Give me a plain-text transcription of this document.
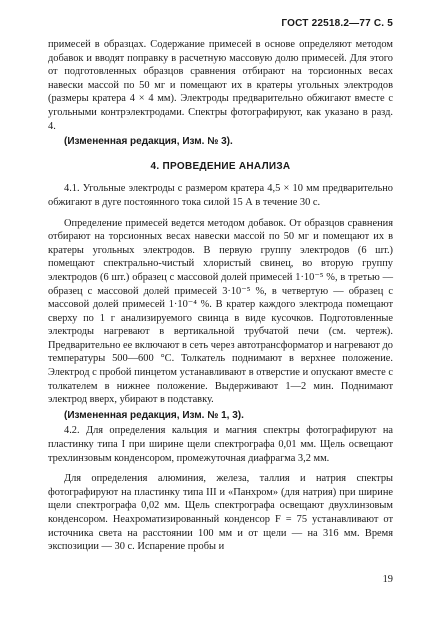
ГОСТ 22518.2—77 С. 5

примесей в образцах. Содержание примесей в основе определяют методом добавок и вводят поправку в расчетную массовую долю примесей. Для этого от подготовленных образцов сравнения отбирают на торсионных весах навески массой по 50 мг и помещают их в кратеры угольных электродов (размеры кратера 4 × 4 мм). Электроды предварительно обжигают вместе с угольными контрэлектродами. Спектры фотографируют, как указано в разд. 4.

(Измененная редакция, Изм. № 3).

4. ПРОВЕДЕНИЕ АНАЛИЗА

4.1. Угольные электроды с размером кратера 4,5 × 10 мм предварительно обжигают в дуге постоянного тока силой 15 А в течение 30 с.

Определение примесей ведется методом добавок. От образцов сравнения отбирают на торсионных весах навески массой по 50 мг и помещают их в кратеры угольных электродов. В первую группу электродов (6 шт.) помещают спектрально-чистый хлористый свинец, во вторую группу электродов (6 шт.) образец с массовой долей примесей 1·10⁻⁵ %, в третью — образец с массовой долей примесей 3·10⁻⁵ %, в четвертую — образец с массовой долей примесей 1·10⁻⁴ %. В кратер каждого электрода помещают сверху по 1 г анализируемого свинца в виде кусочков. Подготовленные электроды нагревают в вертикальной трубчатой печи (см. чертеж). Предварительно ее включают в сеть через автотрансформатор и нагревают до температуры 500—600 °С. Толкатель поднимают в верхнее положение. Электрод с пробой пинцетом устанавливают в отверстие и опускают вместе с толкателем в нижнее положение. Выдерживают 1—2 мин. Поднимают электрод вверх, убирают в подставку.

(Измененная редакция, Изм. № 1, 3).

4.2. Для определения кальция и магния спектры фотографируют на пластинку типа I при ширине щели спектрографа 0,01 мм. Щель освещают трехлинзовым конденсором, промежуточная диафрагма 3,2 мм.

Для определения алюминия, железа, таллия и натрия спектры фотографируют на пластинку типа III и «Панхром» (для натрия) при ширине щели спектрографа 0,02 мм. Щель спектрографа освещают двухлинзовым конденсором. Неахроматизированный конденсор F = 75 устанавливают от источника света на расстоянии 100 мм и от щели — на 316 мм. Время экспозиции — 30 с. Испарение пробы и

19
